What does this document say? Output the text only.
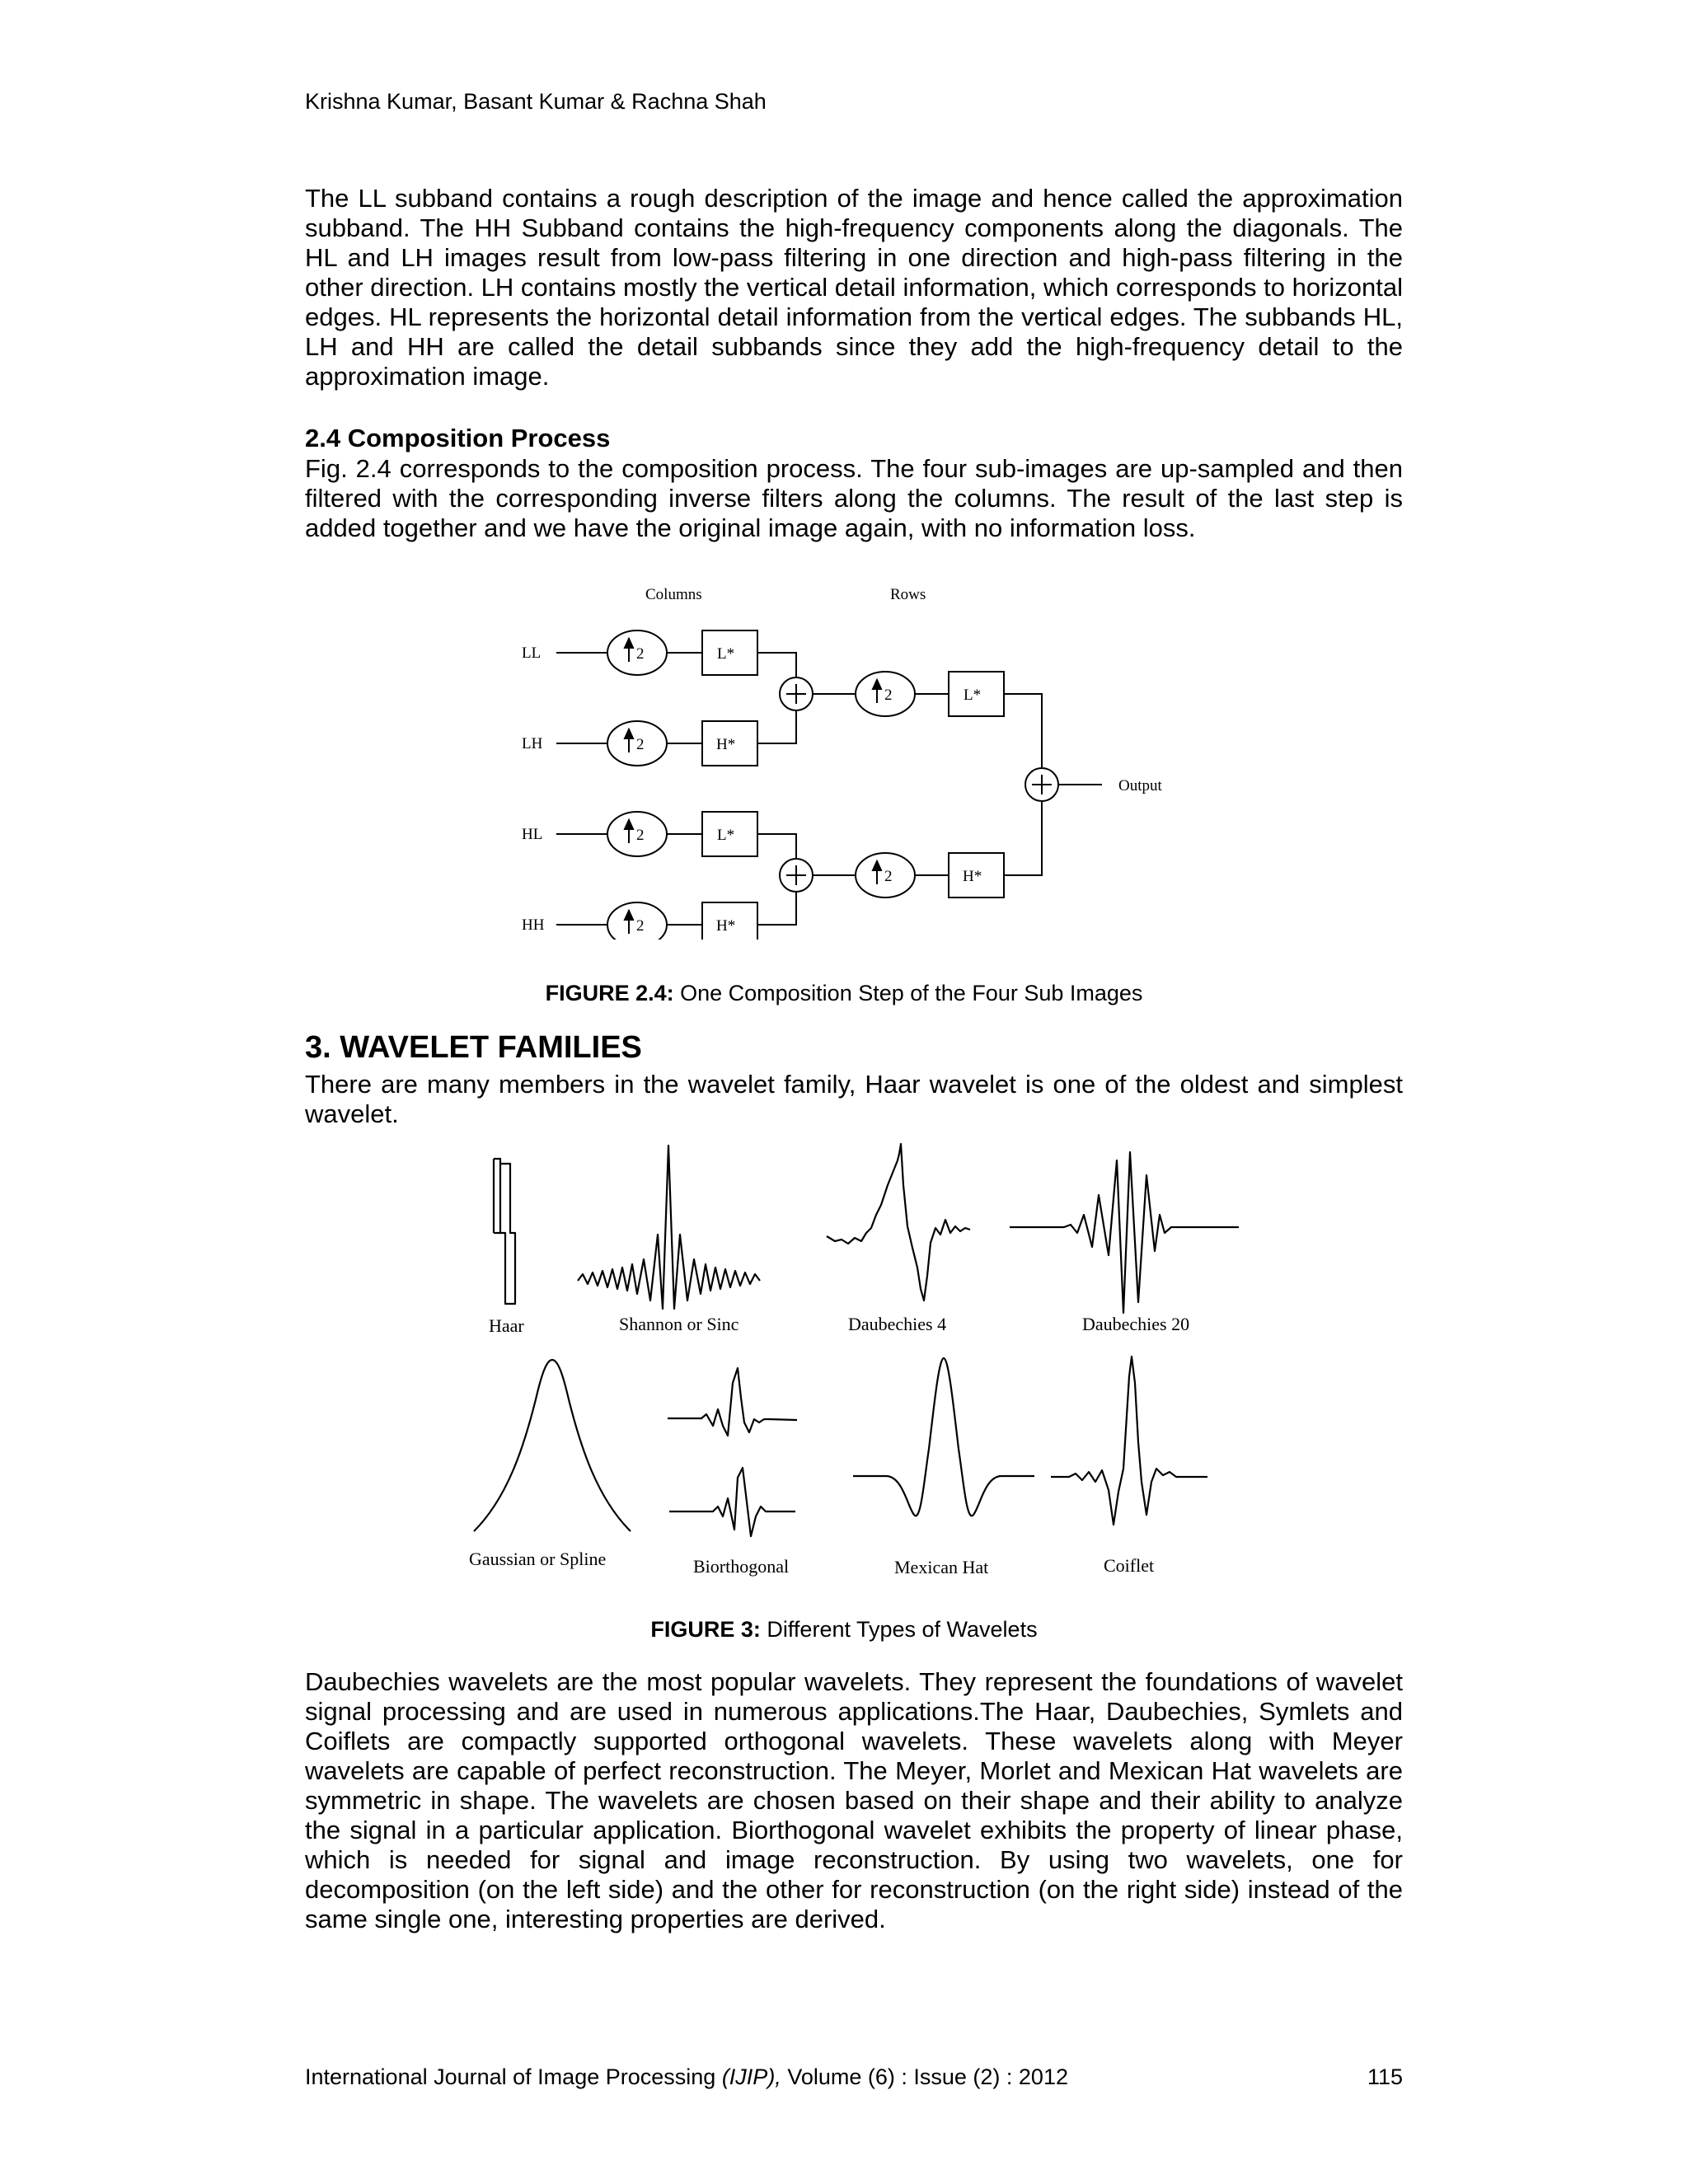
Krishna Kumar, Basant Kumar & Rachna Shah

The LL subband contains a rough description of the image and hence called the approximation subband. The HH Subband contains the high-frequency components along the diagonals. The HL and LH images result from low-pass filtering in one direction and high-pass filtering in the other direction. LH contains mostly the vertical detail information, which corresponds to horizontal edges. HL represents the horizontal detail information from the vertical edges. The subbands HL, LH and HH are called the detail subbands since they add the high-frequency detail to the approximation image.

2.4 Composition Process

Fig. 2.4 corresponds to the composition process. The four sub-images are up-sampled and then filtered with the corresponding inverse filters along the columns. The result of the last step is added together and we have the original image again, with no information loss.

Columns	Rows
LL
LH
HL
HH
2
2
2
2
2
2
L*
H*
L*
H*
L*
H*
Output
FIGURE 2.4: One Composition Step of the Four Sub Images
3. WAVELET FAMILIES

There are many members in the wavelet family, Haar wavelet is one of the oldest and simplest wavelet.

Haar	Shannon or Sinc	Daubechies 4	Daubechies 20
Gaussian or Spline	Biorthogonal	Mexican Hat	Coiflet
FIGURE 3: Different Types of Wavelets

Daubechies wavelets are the most popular wavelets. They represent the foundations of wavelet signal processing and are used in numerous applications.The Haar, Daubechies, Symlets and Coiflets are compactly supported orthogonal wavelets. These wavelets along with Meyer wavelets are capable of perfect reconstruction. The Meyer, Morlet and Mexican Hat wavelets are symmetric in shape. The wavelets are chosen based on their shape and their ability to analyze the signal in a particular application. Biorthogonal wavelet exhibits the property of linear phase, which is needed for signal and image reconstruction. By using two wavelets, one for decomposition (on the left side) and the other for reconstruction (on the right side) instead of the same single one, interesting properties are derived.

International Journal of Image Processing (IJIP), Volume (6) : Issue (2) : 2012	115
